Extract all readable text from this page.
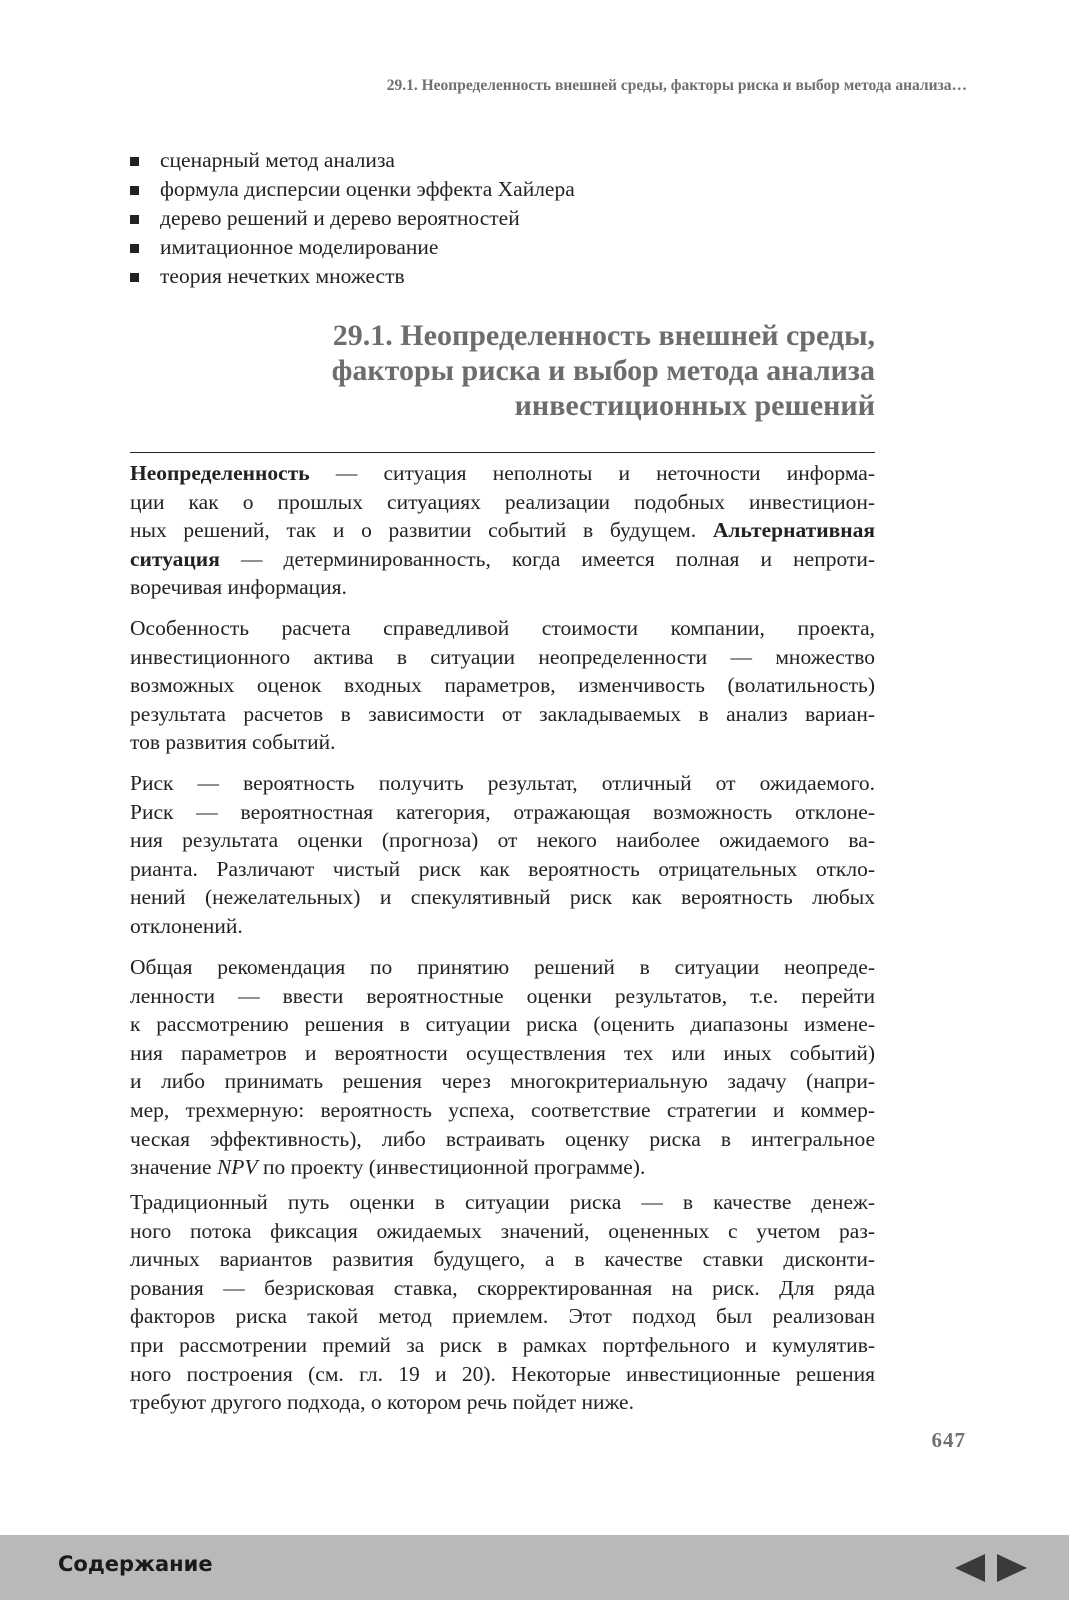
29.1. Неопределенность внешней среды, факторы риска и выбор метода анализа…
сценарный метод анализа
формула дисперсии оценки эффекта Хайлера
дерево решений и дерево вероятностей
имитационное моделирование
теория нечетких множеств
29.1. Неопределенность внешней среды,
факторы риска и выбор метода анализа
инвестиционных решений
Неопределенность — ситуация неполноты и неточности информа-
ции как о прошлых ситуациях реализации подобных инвестицион-
ных решений, так и о развитии событий в будущем. Альтернативная
ситуация — детерминированность, когда имеется полная и непроти-
воречивая информация.
Особенность расчета справедливой стоимости компании, проекта,
инвестиционного актива в ситуации неопределенности — множество
возможных оценок входных параметров, изменчивость (волатильность)
результата расчетов в зависимости от закладываемых в анализ вариан-
тов развития событий.
Риск — вероятность получить результат, отличный от ожидаемого.
Риск — вероятностная категория, отражающая возможность отклоне-
ния результата оценки (прогноза) от некого наиболее ожидаемого ва-
рианта. Различают чистый риск как вероятность отрицательных откло-
нений (нежелательных) и спекулятивный риск как вероятность любых
отклонений.
Общая рекомендация по принятию решений в ситуации неопреде-
ленности — ввести вероятностные оценки результатов, т.е. перейти
к рассмотрению решения в ситуации риска (оценить диапазоны измене-
ния параметров и вероятности осуществления тех или иных событий)
и либо принимать решения через многокритериальную задачу (напри-
мер, трехмерную: вероятность успеха, соответствие стратегии и коммер-
ческая эффективность), либо встраивать оценку риска в интегральное
значение NPV по проекту (инвестиционной программе).
Традиционный путь оценки в ситуации риска — в качестве денеж-
ного потока фиксация ожидаемых значений, оцененных с учетом раз-
личных вариантов развития будущего, а в качестве ставки дисконти-
рования — безрисковая ставка, скорректированная на риск. Для ряда
факторов риска такой метод приемлем. Этот подход был реализован
при рассмотрении премий за риск в рамках портфельного и кумулятив-
ного построения (см. гл. 19 и 20). Некоторые инвестиционные решения
требуют другого подхода, о котором речь пойдет ниже.
647
Содержание
